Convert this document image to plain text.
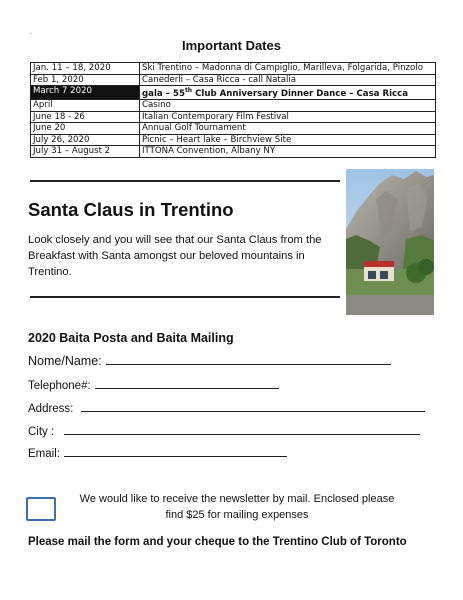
.
Important Dates
Jan. 11 – 18, 2020	Ski Trentino – Madonna di Campiglio, Marilleva, Folgarida, Pinzolo
Feb 1, 2020	Canederli – Casa Ricca - call Natalia
March 7 2020	gala – 55th Club Anniversary Dinner Dance – Casa Ricca
April	Casino
June 18 - 26	Italian Contemporary Film Festival
June 20	Annual Golf Tournament
July 26, 2020	Picnic – Heart lake – Birchview Site
July 31 – August 2	ITTONA Convention, Albany NY
Santa Claus in Trentino
Look closely and you will see that our Santa Claus from the Breakfast with Santa amongst our beloved mountains in Trentino.
2020 Baita Posta and Baita Mailing
Nome/Name:
Telephone#:
Address:
City :
Email:
We would like to receive the newsletter by mail. Enclosed please
find $25 for mailing expenses
Please mail the form and your cheque to the Trentino Club of Toronto
